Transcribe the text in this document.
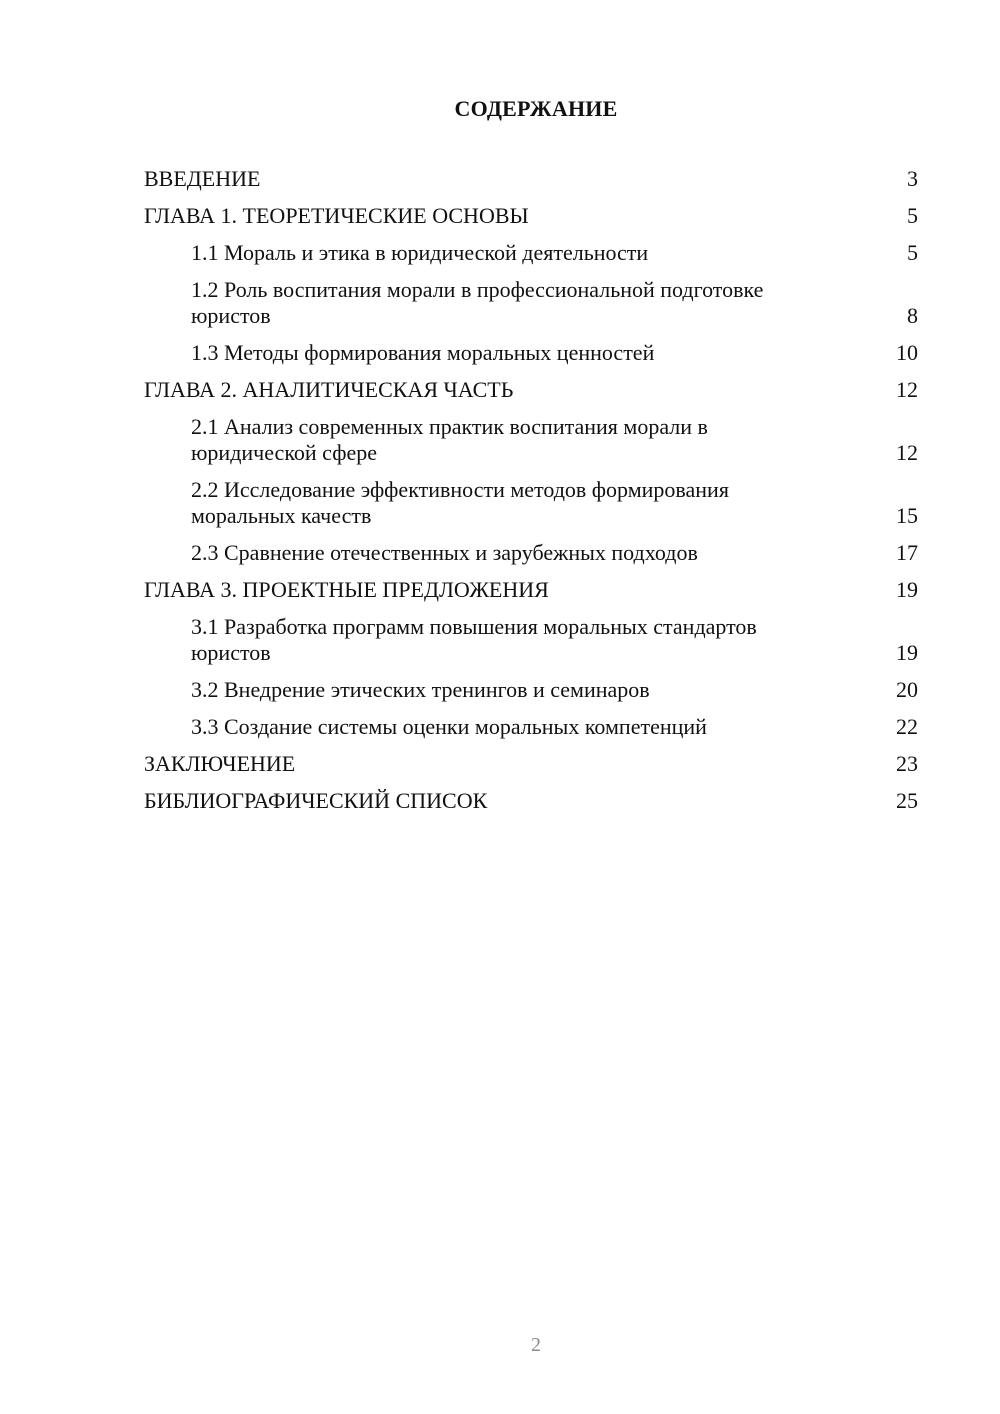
СОДЕРЖАНИЕ
ВВЕДЕНИЕ	3
ГЛАВА 1. ТЕОРЕТИЧЕСКИЕ ОСНОВЫ	5
1.1 Мораль и этика в юридической деятельности	5
1.2 Роль воспитания морали в профессиональной подготовке юристов	8
1.3 Методы формирования моральных ценностей	10
ГЛАВА 2. АНАЛИТИЧЕСКАЯ ЧАСТЬ	12
2.1 Анализ современных практик воспитания морали в юридической сфере	12
2.2 Исследование эффективности методов формирования моральных качеств	15
2.3 Сравнение отечественных и зарубежных подходов	17
ГЛАВА 3. ПРОЕКТНЫЕ ПРЕДЛОЖЕНИЯ	19
3.1 Разработка программ повышения моральных стандартов юристов	19
3.2 Внедрение этических тренингов и семинаров	20
3.3 Создание системы оценки моральных компетенций	22
ЗАКЛЮЧЕНИЕ	23
БИБЛИОГРАФИЧЕСКИЙ СПИСОК	25
2
